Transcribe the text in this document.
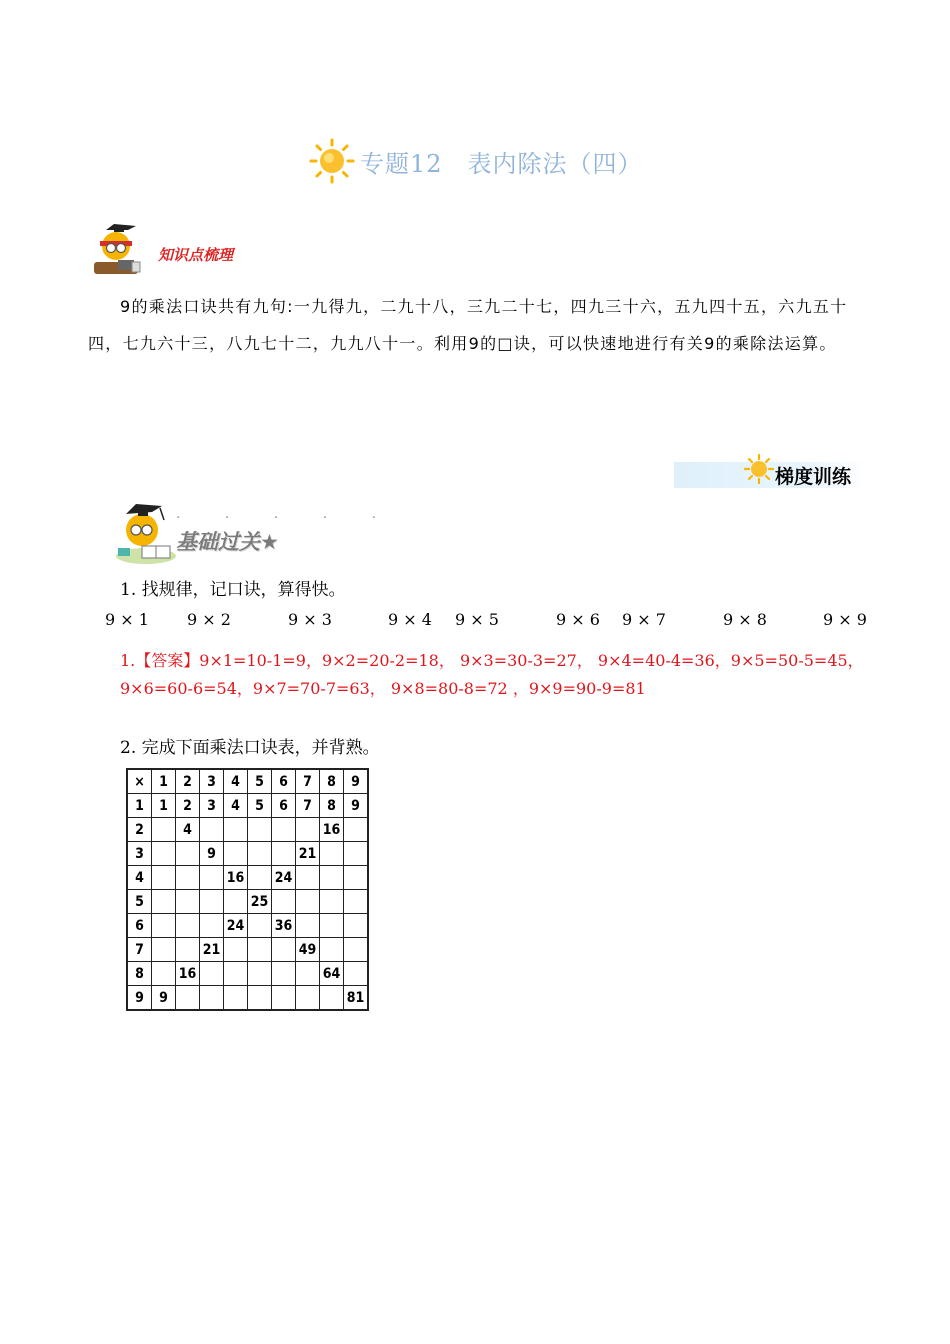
专题12　表内除法（四）
知识点梳理
9的乘法口诀共有九句:一九得九，二九十八，三九二十七，四九三十六，五九四十五，六九五十四，七九六十三，八九七十二，九九八十一。利用9的□诀，可以快速地进行有关9的乘除法运算。
梯度训练
· · · · ·
基础过关★
1. 找规律，记口诀，算得快。
9 × 1 9 × 2	9 × 3	9 × 4 9 × 5	9 × 6 9 × 7	9 × 8	9 × 9
1.【答案】9×1=10-1=9，9×2=20-2=18， 9×3=30-3=27， 9×4=40-4=36，9×5=50-5=45， 9×6=60-6=54，9×7=70-7=63， 9×8=80-8=72 ，9×9=90-9=81
2. 完成下面乘法口诀表，并背熟。
×	1	2	3	4	5	6	7	8	9
1	1	2	3	4	5	6	7	8	9
2		4						16	
3			9				21		
4				16		24			
5					25				
6				24		36			
7			21				49		
8		16						64	
9	9								81
